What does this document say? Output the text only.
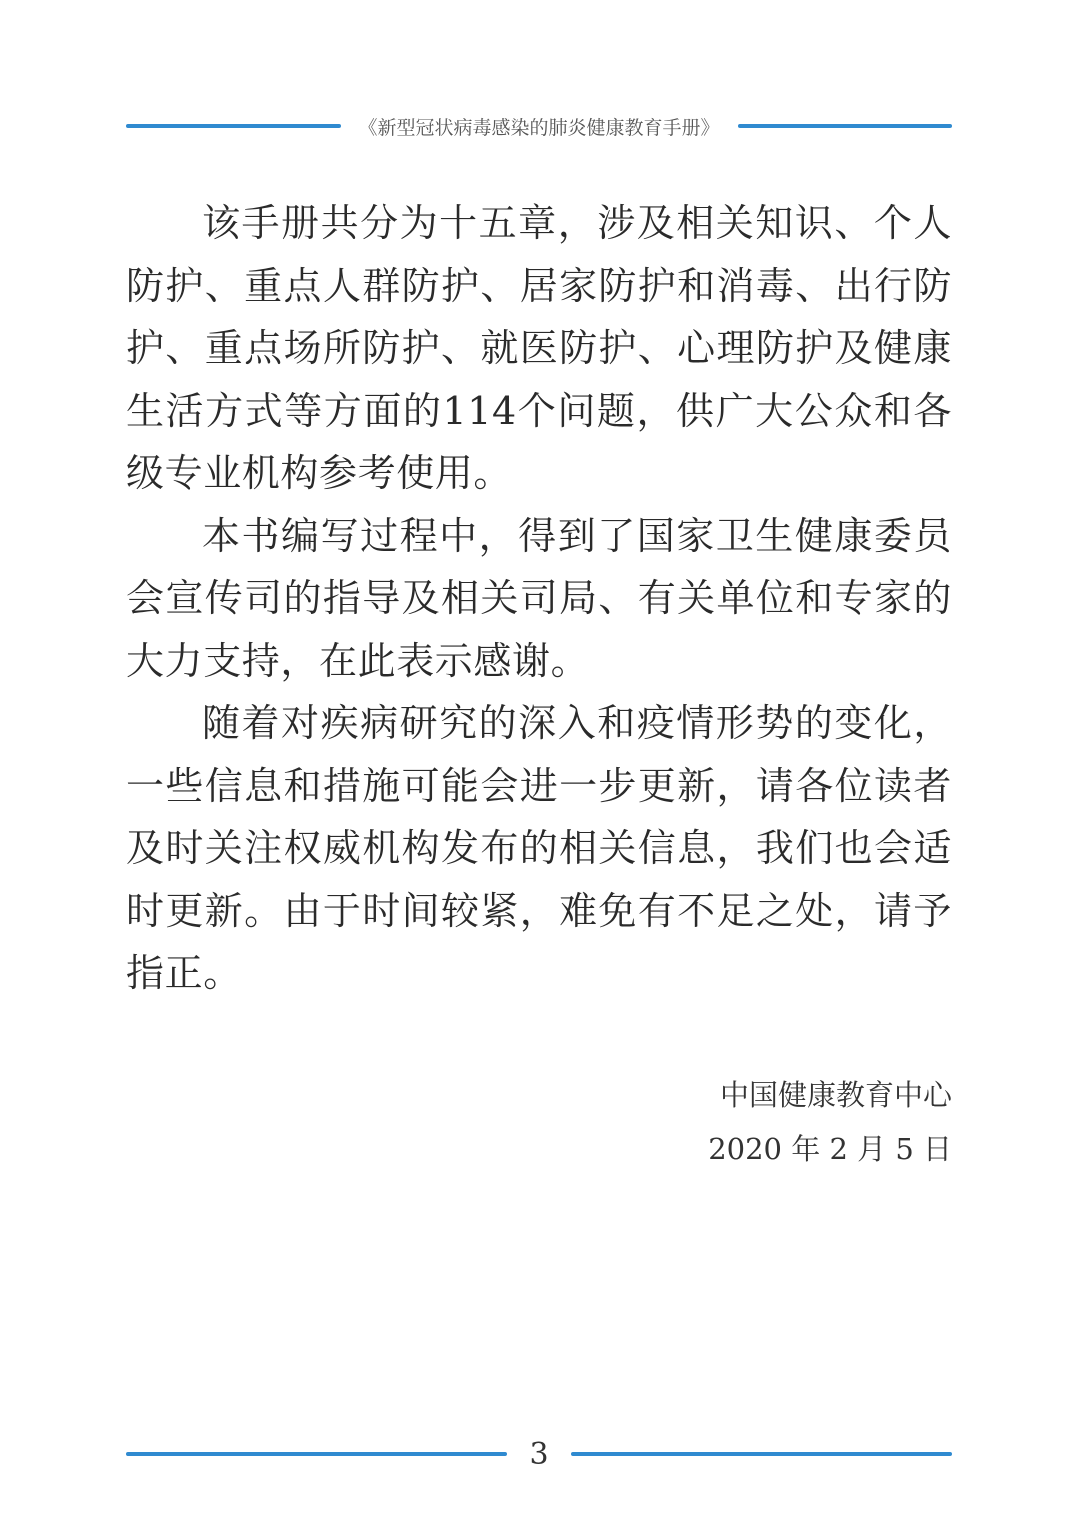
《新型冠状病毒感染的肺炎健康教育手册》

该手册共分为十五章，涉及相关知识、个人防护、重点人群防护、居家防护和消毒、出行防护、重点场所防护、就医防护、心理防护及健康生活方式等方面的114个问题，供广大公众和各级专业机构参考使用。

本书编写过程中，得到了国家卫生健康委员会宣传司的指导及相关司局、有关单位和专家的大力支持，在此表示感谢。

随着对疾病研究的深入和疫情形势的变化，一些信息和措施可能会进一步更新，请各位读者及时关注权威机构发布的相关信息，我们也会适时更新。由于时间较紧，难免有不足之处，请予指正。

中国健康教育中心
2020 年 2 月 5 日
3
